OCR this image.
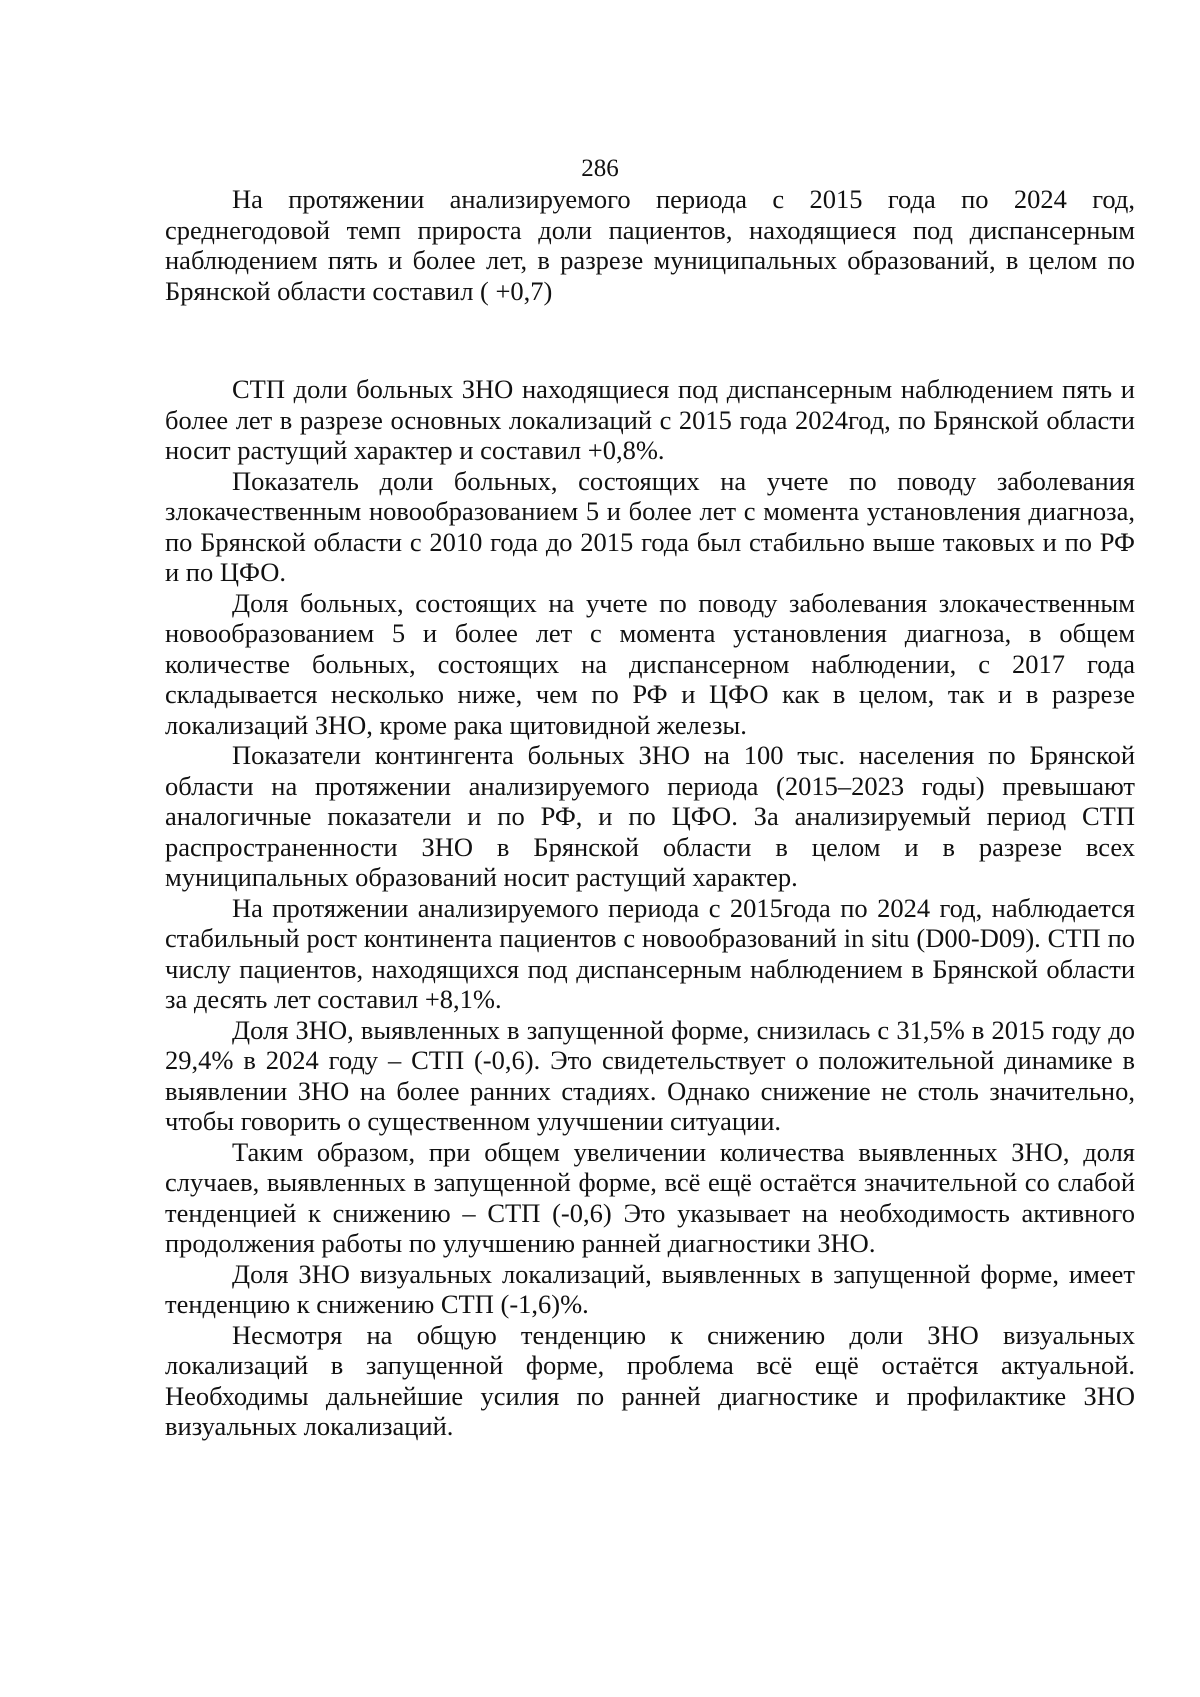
286

На протяжении анализируемого периода с 2015 года по 2024 год, среднегодовой темп прироста доли пациентов, находящиеся под диспансерным наблюдением пять и более лет, в разрезе муниципальных образований, в целом по Брянской области составил ( +0,7)

СТП доли больных ЗНО находящиеся под диспансерным наблюдением пять и более лет в разрезе основных локализаций с 2015 года 2024год, по Брянской области носит растущий характер и составил +0,8%.

Показатель доли больных, состоящих на учете по поводу заболевания злокачественным новообразованием 5 и более лет с момента установления диагноза, по Брянской области с 2010 года до 2015 года был стабильно выше таковых и по РФ и по ЦФО.

Доля больных, состоящих на учете по поводу заболевания злокачественным новообразованием 5 и более лет с момента установления диагноза, в общем количестве больных, состоящих на диспансерном наблюдении, с 2017 года складывается несколько ниже, чем по РФ и ЦФО как в целом, так и в разрезе локализаций ЗНО, кроме рака щитовидной железы.

Показатели контингента больных ЗНО на 100 тыс. населения по Брянской области на протяжении анализируемого периода (2015–2023 годы) превышают аналогичные показатели и по РФ, и по ЦФО. За анализируемый период СТП распространенности ЗНО в Брянской области в целом и в разрезе всех муниципальных образований носит растущий характер.

На протяжении анализируемого периода с 2015года по 2024 год, наблюдается стабильный рост континента пациентов с новообразований in situ (D00-D09). СТП по числу пациентов, находящихся под диспансерным наблюдением в Брянской области за десять лет составил +8,1%.

Доля ЗНО, выявленных в запущенной форме, снизилась с 31,5% в 2015 году до 29,4% в 2024 году – СТП (-0,6). Это свидетельствует о положительной динамике в выявлении ЗНО на более ранних стадиях. Однако снижение не столь значительно, чтобы говорить о существенном улучшении ситуации.

Таким образом, при общем увеличении количества выявленных ЗНО, доля случаев, выявленных в запущенной форме, всё ещё остаётся значительной со слабой тенденцией к снижению – СТП (-0,6) Это указывает на необходимость активного продолжения работы по улучшению ранней диагностики ЗНО.

Доля ЗНО визуальных локализаций, выявленных в запущенной форме, имеет тенденцию к снижению СТП (-1,6)%.

Несмотря на общую тенденцию к снижению доли ЗНО визуальных локализаций в запущенной форме, проблема всё ещё остаётся актуальной. Необходимы дальнейшие усилия по ранней диагностике и профилактике ЗНО визуальных локализаций.
